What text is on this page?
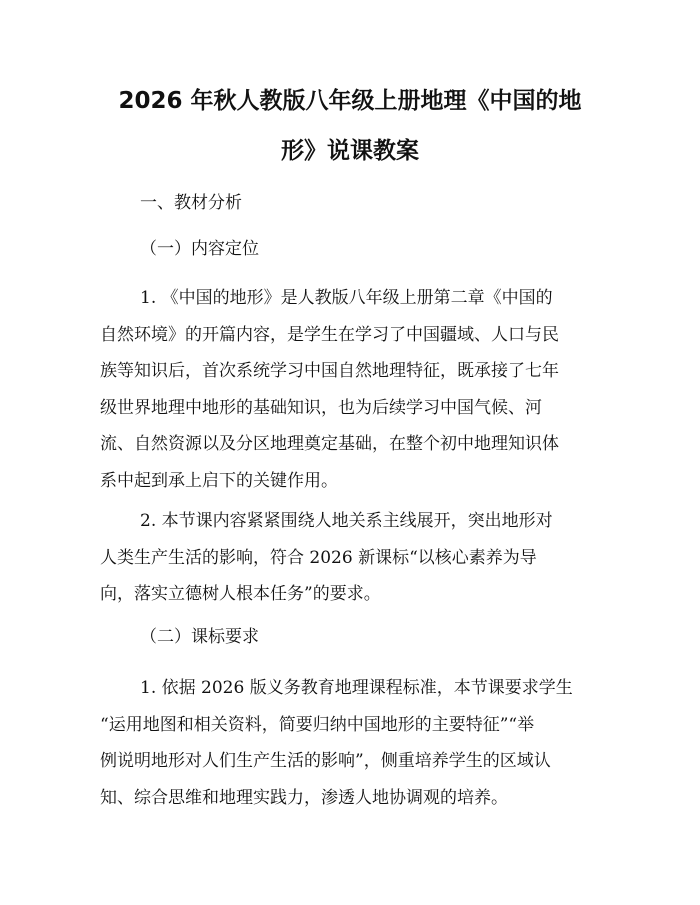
2026 年秋人教版八年级上册地理《中国的地
形》说课教案

一、教材分析

（一）内容定位

1. 《中国的地形》是人教版八年级上册第二章《中国的
自然环境》的开篇内容，是学生在学习了中国疆域、人口与民
族等知识后，首次系统学习中国自然地理特征，既承接了七年
级世界地理中地形的基础知识，也为后续学习中国气候、河
流、自然资源以及分区地理奠定基础，在整个初中地理知识体
系中起到承上启下的关键作用。
2. 本节课内容紧紧围绕人地关系主线展开，突出地形对
人类生产生活的影响，符合 2026 新课标“以核心素养为导
向，落实立德树人根本任务”的要求。

（二）课标要求

1. 依据 2026 版义务教育地理课程标准，本节课要求学生
“运用地图和相关资料，简要归纳中国地形的主要特征”“举
例说明地形对人们生产生活的影响”，侧重培养学生的区域认
知、综合思维和地理实践力，渗透人地协调观的培养。
